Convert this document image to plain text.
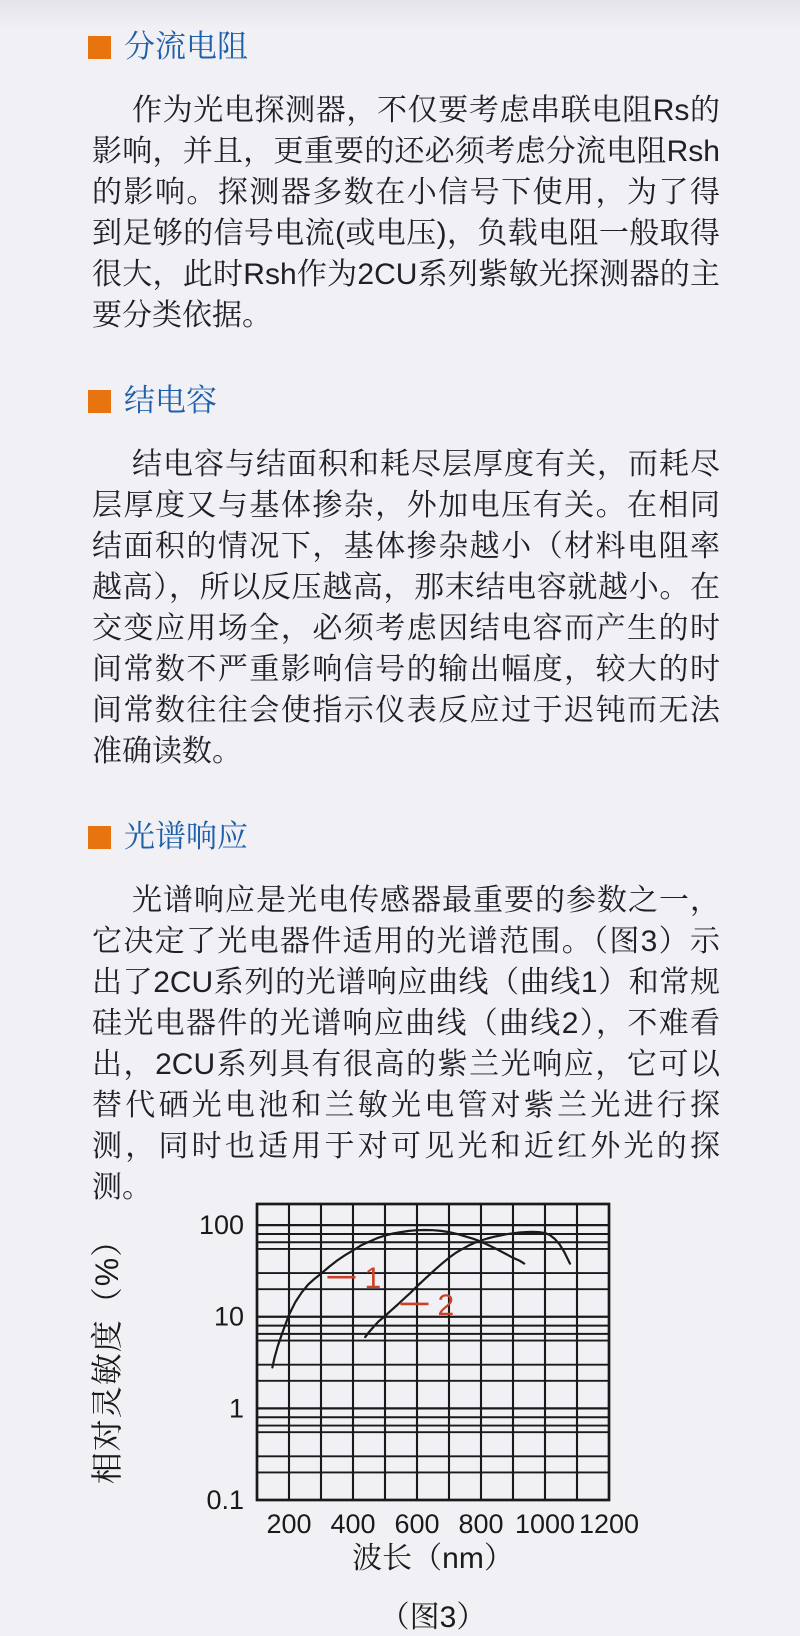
分流电阻

作为光电探测器，不仅要考虑串联电阻Rs的影响，并且，更重要的还必须考虑分流电阻Rsh的影响。探测器多数在小信号下使用，为了得到足够的信号电流(或电压)，负载电阻一般取得很大，此时Rsh作为2CU系列紫敏光探测器的主要分类依据。

结电容

结电容与结面积和耗尽层厚度有关，而耗尽层厚度又与基体掺杂，外加电压有关。在相同结面积的情况下，基体掺杂越小（材料电阻率越高），所以反压越高，那末结电容就越小。在交变应用场全，必须考虑因结电容而产生的时间常数不严重影响信号的输出幅度，较大的时间常数往往会使指示仪表反应过于迟钝而无法准确读数。

光谱响应

光谱响应是光电传感器最重要的参数之一，它决定了光电器件适用的光谱范围。（图3）示出了2CU系列的光谱响应曲线（曲线1）和常规硅光电器件的光谱响应曲线（曲线2），不难看出，2CU系列具有很高的紫兰光响应，它可以替代硒光电池和兰敏光电管对紫兰光进行探测，同时也适用于对可见光和近红外光的探测。

100
10
1
0.1
200 400 600 800 1000 1200
1
2
相对灵敏度（%）
波长（nm）
（图3）
